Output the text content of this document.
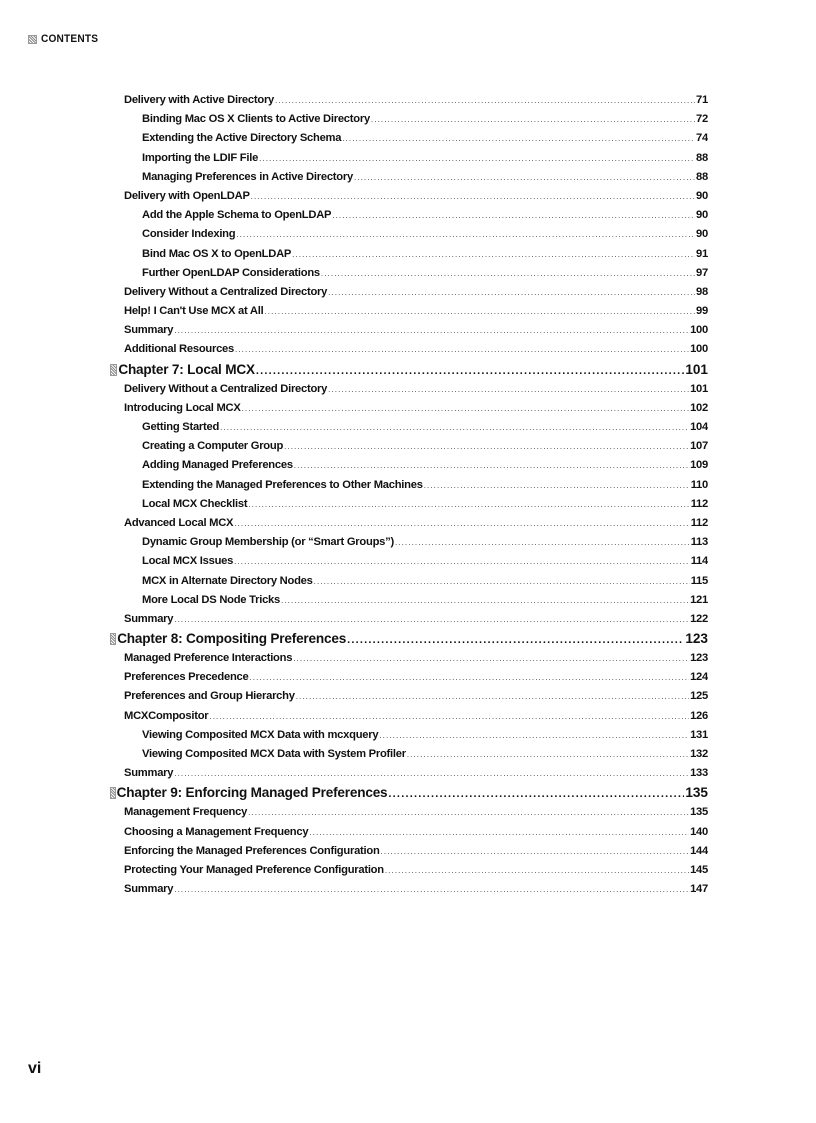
CONTENTS
Delivery with Active Directory .....	71
Binding Mac OS X Clients to Active Directory .....	72
Extending the Active Directory Schema .....	74
Importing the LDIF File .....	88
Managing Preferences in Active Directory .....	88
Delivery with OpenLDAP .....	90
Add the Apple Schema to OpenLDAP .....	90
Consider Indexing .....	90
Bind Mac OS X to OpenLDAP .....	91
Further OpenLDAP Considerations .....	97
Delivery Without a Centralized Directory .....	98
Help! I Can't Use MCX at All .....	99
Summary .....	100
Additional Resources .....	100
Chapter 7: Local MCX .....	101
Delivery Without a Centralized Directory .....	101
Introducing Local MCX .....	102
Getting Started .....	104
Creating a Computer Group .....	107
Adding Managed Preferences .....	109
Extending the Managed Preferences to Other Machines .....	110
Local MCX Checklist .....	112
Advanced Local MCX .....	112
Dynamic Group Membership (or “Smart Groups”) .....	113
Local MCX Issues .....	114
MCX in Alternate Directory Nodes .....	115
More Local DS Node Tricks .....	121
Summary .....	122
Chapter 8: Compositing Preferences .....	123
Managed Preference Interactions .....	123
Preferences Precedence .....	124
Preferences and Group Hierarchy .....	125
MCXCompositor .....	126
Viewing Composited MCX Data with mcxquery .....	131
Viewing Composited MCX Data with System Profiler .....	132
Summary .....	133
Chapter 9: Enforcing Managed Preferences .....	135
Management Frequency .....	135
Choosing a Management Frequency .....	140
Enforcing the Managed Preferences Configuration .....	144
Protecting Your Managed Preference Configuration .....	145
Summary .....	147
vi
